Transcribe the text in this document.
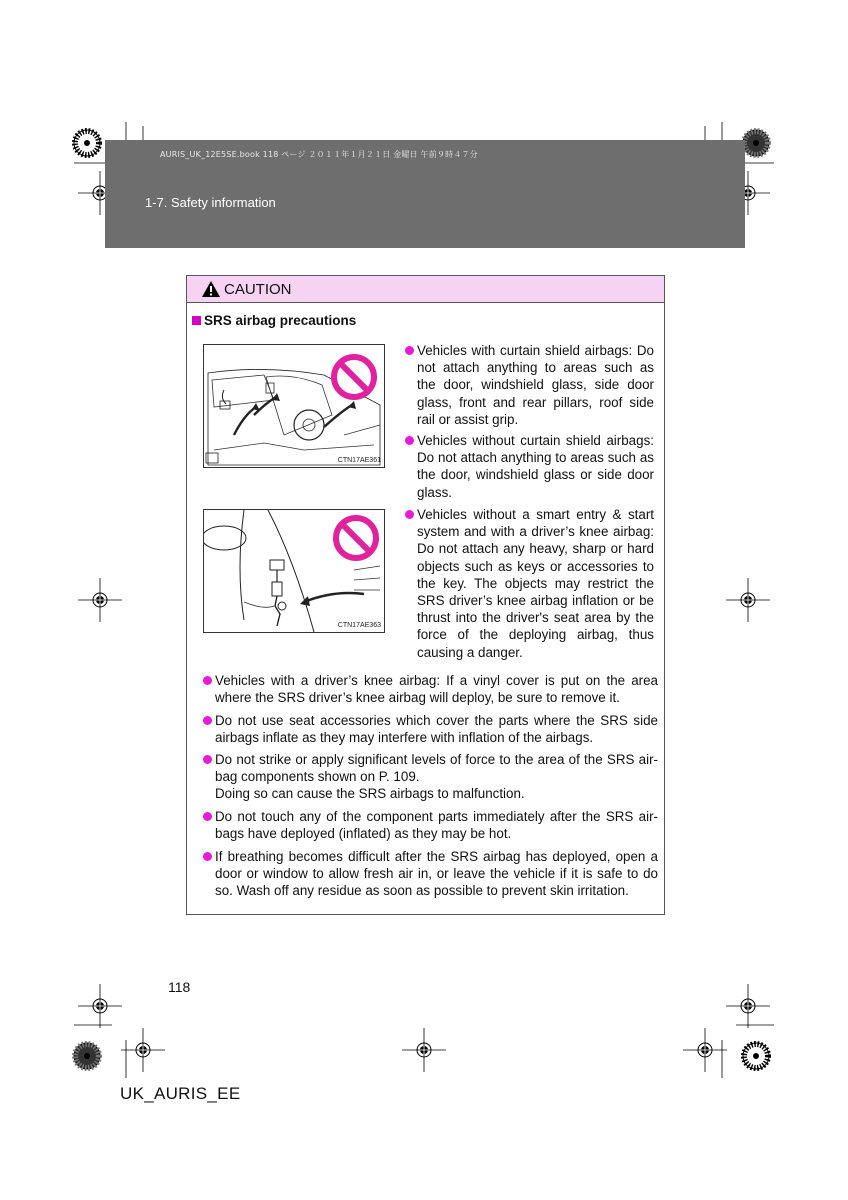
AURIS_UK_12E5SE.book 118 ページ ２０１１年１月２１日 金曜日 午前９時４７分
1-7. Safety information
CAUTION
SRS airbag precautions
CTN17AE361
CTN17AE363
Vehicles with curtain shield airbags: Do not attach anything to areas such as the door, windshield glass, side door glass, front and rear pillars, roof side rail or assist grip.
Vehicles without curtain shield airbags: Do not attach anything to areas such as the door, windshield glass or side door glass.
Vehicles without a smart entry & start system and with a driver’s knee airbag: Do not attach any heavy, sharp or hard objects such as keys or accessories to the key. The objects may restrict the SRS driver’s knee airbag inflation or be thrust into the driver's seat area by the force of the deploying airbag, thus causing a danger.
Vehicles with a driver’s knee airbag: If a vinyl cover is put on the area where the SRS driver’s knee airbag will deploy, be sure to remove it.
Do not use seat accessories which cover the parts where the SRS side airbags inflate as they may interfere with inflation of the airbags.
Do not strike or apply significant levels of force to the area of the SRS air-bag components shown on P. 109.
Doing so can cause the SRS airbags to malfunction.
Do not touch any of the component parts immediately after the SRS air-bags have deployed (inflated) as they may be hot.
If breathing becomes difficult after the SRS airbag has deployed, open a door or window to allow fresh air in, or leave the vehicle if it is safe to do so. Wash off any residue as soon as possible to prevent skin irritation.
118
UK_AURIS_EE
